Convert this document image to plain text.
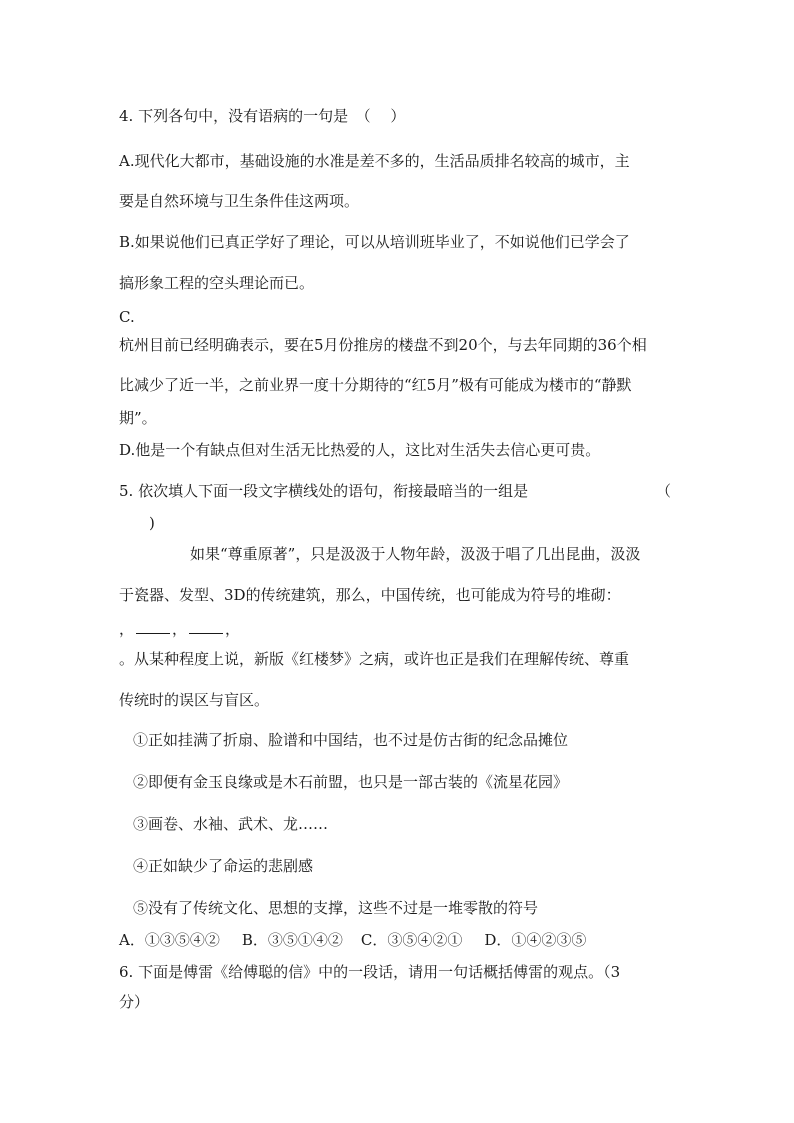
4. 下列各句中，没有语病的一句是　（　 ）
A.现代化大都市，基础设施的水准是差不多的，生活品质排名较高的城市，主
要是自然环境与卫生条件佳这两项。
B.如果说他们已真正学好了理论，可以从培训班毕业了，不如说他们已学会了
搞形象工程的空头理论而已。
C.
杭州目前已经明确表示，要在5月份推房的楼盘不到20个，与去年同期的36个相
比减少了近一半，之前业界一度十分期待的“红5月”极有可能成为楼市的“静默
期”。
D.他是一个有缺点但对生活无比热爱的人，这比对生活失去信心更可贵。
5. 依次填人下面一段文字横线处的语句，衔接最暗当的一组是	（
)
如果“尊重原著”，只是汲汲于人物年龄，汲汲于唱了几出昆曲，汲汲
于瓷器、发型、3D的传统建筑，那么，中国传统，也可能成为符号的堆砌：
，	，	，
。从某种程度上说，新版《红楼梦》之病，或许也正是我们在理解传统、尊重
传统时的误区与盲区。
①正如挂满了折扇、脸谱和中国结，也不过是仿古街的纪念品摊位
②即便有金玉良缘或是木石前盟，也只是一部古装的《流星花园》
③画卷、水袖、武术、龙……
④正如缺少了命运的悲剧感
⑤没有了传统文化、思想的支撑，这些不过是一堆零散的符号
A．①③⑤④② B．③⑤①④② C．③⑤④②① D．①④②③⑤
6. 下面是傅雷《给傅聪的信》中的一段话，请用一句话概括傅雷的观点。（3
分）
